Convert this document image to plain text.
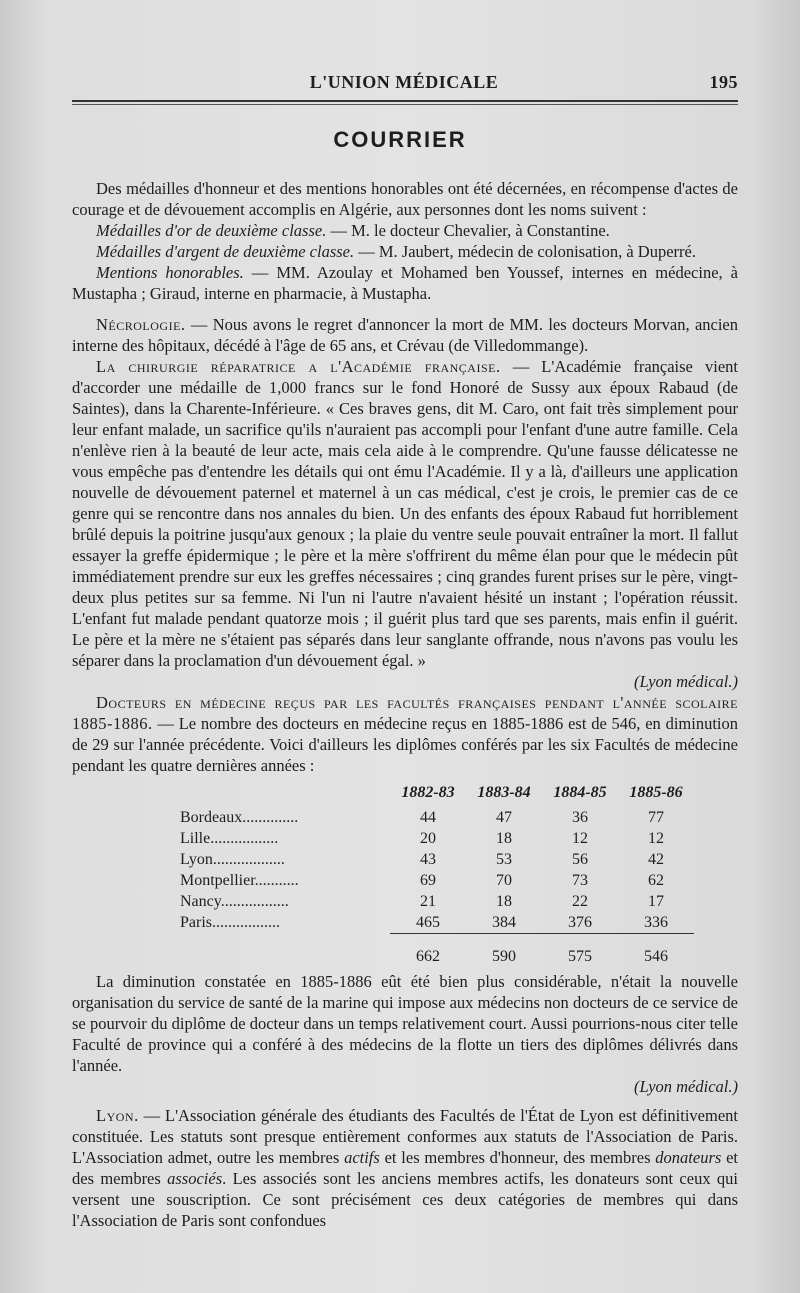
L'UNION MÉDICALE	195
COURRIER

Des médailles d'honneur et des mentions honorables ont été décernées, en récompense d'actes de courage et de dévouement accomplis en Algérie, aux personnes dont les noms suivent :

Médailles d'or de deuxième classe. — M. le docteur Chevalier, à Constantine.

Médailles d'argent de deuxième classe. — M. Jaubert, médecin de colonisation, à Duperré.

Mentions honorables. — MM. Azoulay et Mohamed ben Youssef, internes en médecine, à Mustapha ; Giraud, interne en pharmacie, à Mustapha.

Nécrologie. — Nous avons le regret d'annoncer la mort de MM. les docteurs Morvan, ancien interne des hôpitaux, décédé à l'âge de 65 ans, et Crévau (de Villedommange).

La chirurgie réparatrice a l'Académie française. — L'Académie française vient d'accorder une médaille de 1,000 francs sur le fond Honoré de Sussy aux époux Rabaud (de Saintes), dans la Charente-Inférieure. « Ces braves gens, dit M. Caro, ont fait très simplement pour leur enfant malade, un sacrifice qu'ils n'auraient pas accompli pour l'enfant d'une autre famille. Cela n'enlève rien à la beauté de leur acte, mais cela aide à le comprendre. Qu'une fausse délicatesse ne vous empêche pas d'entendre les détails qui ont ému l'Académie. Il y a là, d'ailleurs une application nouvelle de dévouement paternel et maternel à un cas médical, c'est je crois, le premier cas de ce genre qui se rencontre dans nos annales du bien. Un des enfants des époux Rabaud fut horriblement brûlé depuis la poitrine jusqu'aux genoux ; la plaie du ventre seule pouvait entraîner la mort. Il fallut essayer la greffe épidermique ; le père et la mère s'offrirent du même élan pour que le médecin pût immédiatement prendre sur eux les greffes nécessaires ; cinq grandes furent prises sur le père, vingt-deux plus petites sur sa femme. Ni l'un ni l'autre n'avaient hésité un instant ; l'opération réussit. L'enfant fut malade pendant quatorze mois ; il guérit plus tard que ses parents, mais enfin il guérit. Le père et la mère ne s'étaient pas séparés dans leur sanglante offrande, nous n'avons pas voulu les séparer dans la proclamation d'un dévouement égal. »
(Lyon médical.)

Docteurs en médecine reçus par les facultés françaises pendant l'année scolaire 1885-1886. — Le nombre des docteurs en médecine reçus en 1885-1886 est de 546, en diminution de 29 sur l'année précédente. Voici d'ailleurs les diplômes conférés par les six Facultés de médecine pendant les quatre dernières années :

	1882-83	1883-84	1884-85	1885-86
Bordeaux..............	44	47	36	77
Lille.................	20	18	12	12
Lyon..................	43	53	56	42
Montpellier...........	69	70	73	62
Nancy.................	21	18	22	17
Paris.................	465	384	376	336
	662	590	575	546

La diminution constatée en 1885-1886 eût été bien plus considérable, n'était la nouvelle organisation du service de santé de la marine qui impose aux médecins non docteurs de ce service de se pourvoir du diplôme de docteur dans un temps relativement court. Aussi pourrions-nous citer telle Faculté de province qui a conféré à des médecins de la flotte un tiers des diplômes délivrés dans l'année.
(Lyon médical.)

Lyon. — L'Association générale des étudiants des Facultés de l'État de Lyon est définitivement constituée. Les statuts sont presque entièrement conformes aux statuts de l'Association de Paris. L'Association admet, outre les membres actifs et les membres d'honneur, des membres donateurs et des membres associés. Les associés sont les anciens membres actifs, les donateurs sont ceux qui versent une souscription. Ce sont précisément ces deux catégories de membres qui dans l'Association de Paris sont confondues
